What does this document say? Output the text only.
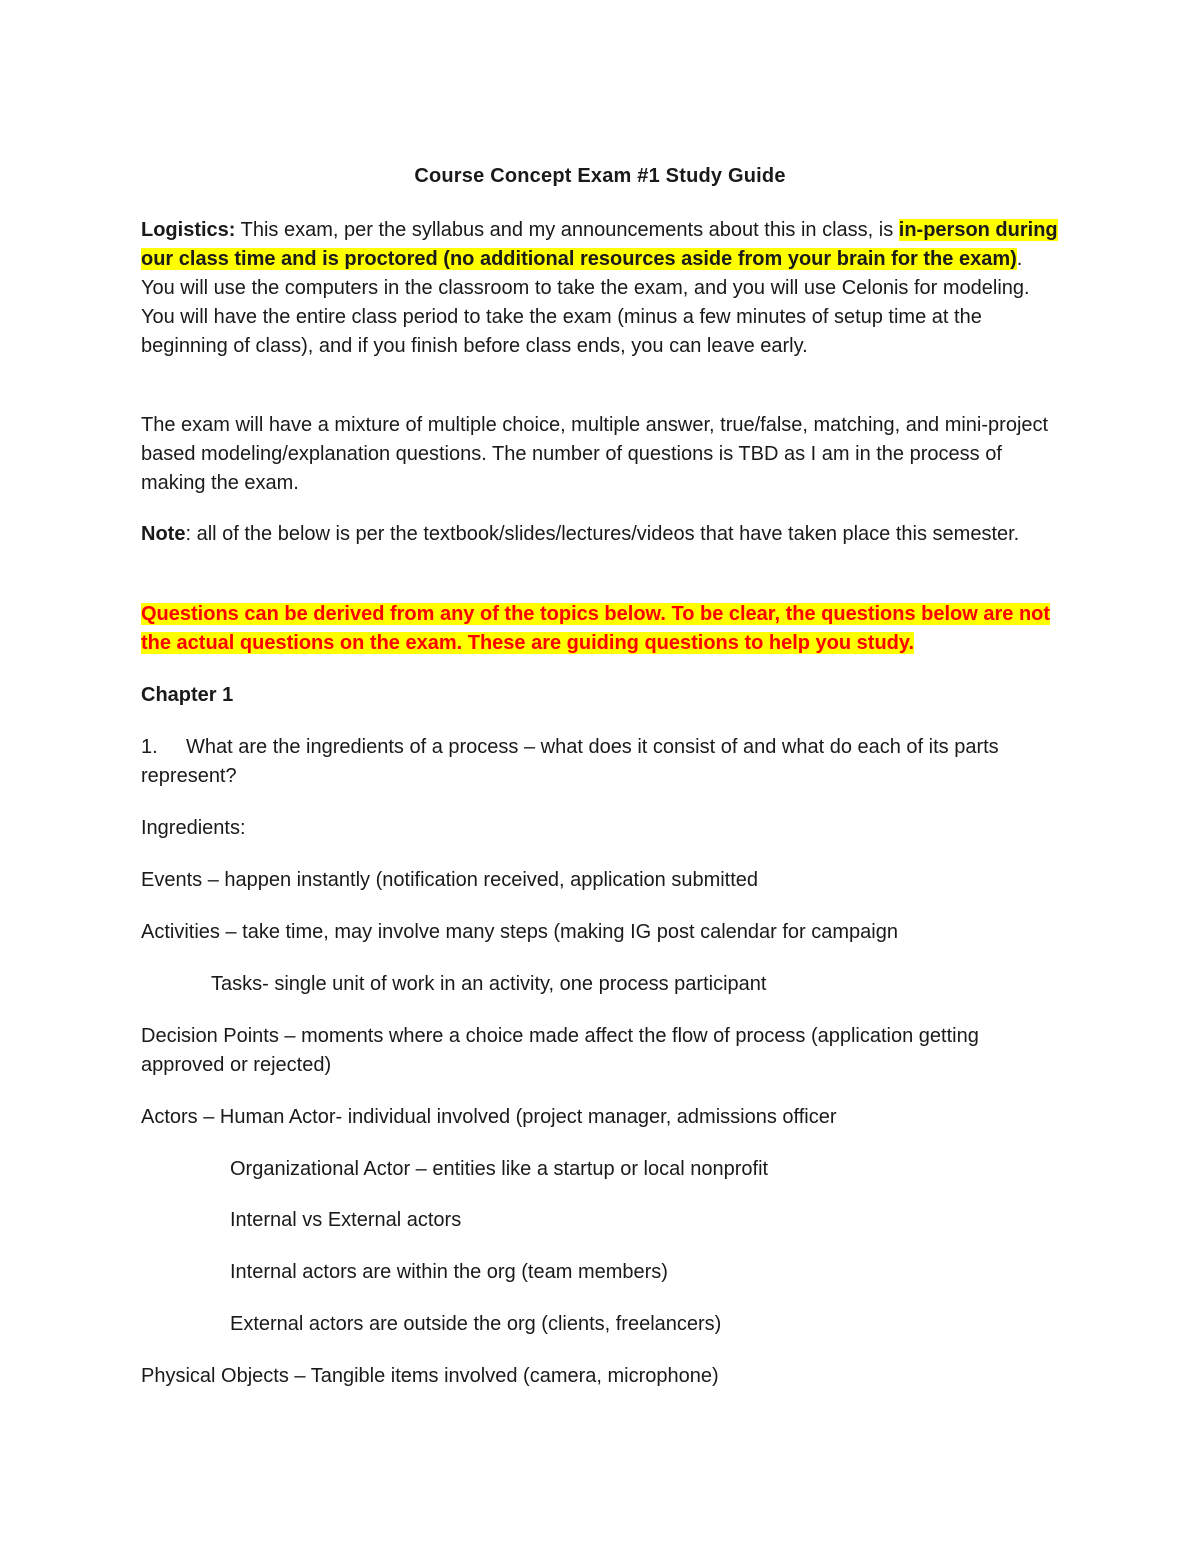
Course Concept Exam #1 Study Guide
Logistics: This exam, per the syllabus and my announcements about this in class, is in-person during our class time and is proctored (no additional resources aside from your brain for the exam). You will use the computers in the classroom to take the exam, and you will use Celonis for modeling. You will have the entire class period to take the exam (minus a few minutes of setup time at the beginning of class), and if you finish before class ends, you can leave early.
The exam will have a mixture of multiple choice, multiple answer, true/false, matching, and mini-project based modeling/explanation questions. The number of questions is TBD as I am in the process of making the exam.
Note: all of the below is per the textbook/slides/lectures/videos that have taken place this semester.
Questions can be derived from any of the topics below. To be clear, the questions below are not the actual questions on the exam. These are guiding questions to help you study.
Chapter 1
1. What are the ingredients of a process – what does it consist of and what do each of its parts represent?
Ingredients:
Events – happen instantly (notification received, application submitted
Activities – take time, may involve many steps (making IG post calendar for campaign
Tasks- single unit of work in an activity, one process participant
Decision Points – moments where a choice made affect the flow of process (application getting approved or rejected)
Actors – Human Actor- individual involved (project manager, admissions officer
Organizational Actor – entities like a startup or local nonprofit
Internal vs External actors
Internal actors are within the org (team members)
External actors are outside the org (clients, freelancers)
Physical Objects – Tangible items involved (camera, microphone)
